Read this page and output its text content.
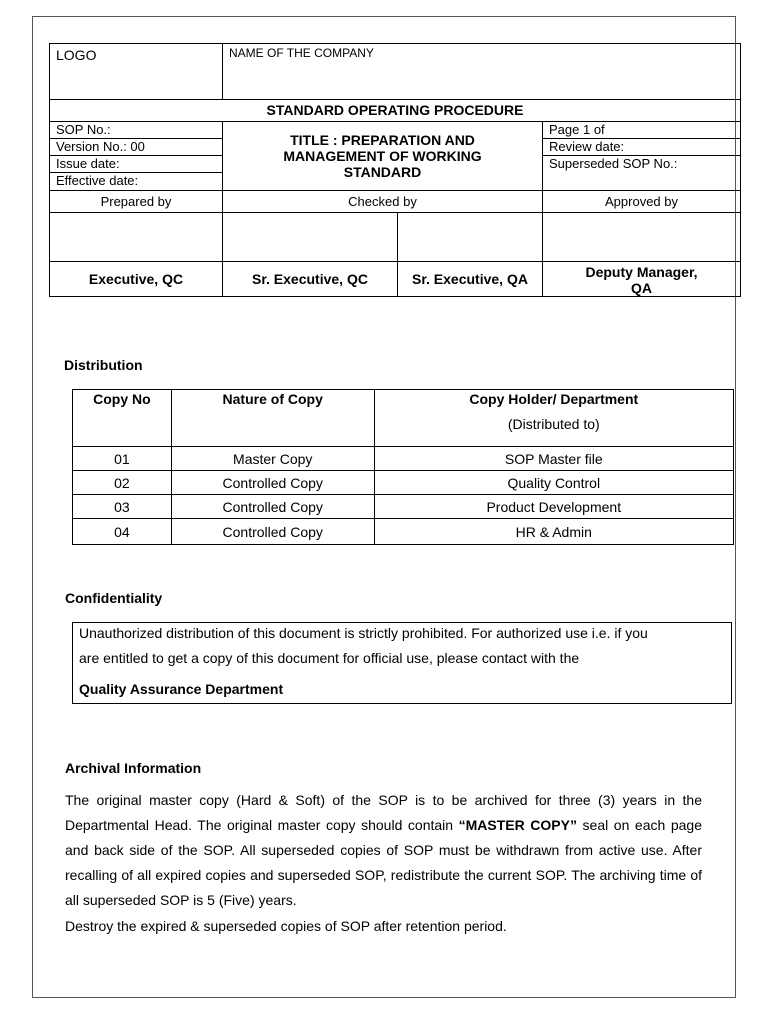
LOGO	NAME OF THE COMPANY
STANDARD OPERATING PROCEDURE
SOP No.:
Version No.: 00
Issue date:
Effective date:
TITLE : PREPARATION AND
MANAGEMENT OF WORKING
STANDARD
Page 1 of
Review date:
Superseded SOP No.:
Prepared by	Checked by	Approved by
Executive, QC	Sr. Executive, QC	Sr. Executive, QA	Deputy Manager,
QA
Distribution
Copy No	Nature of Copy	Copy Holder/ Department
(Distributed to)

01	Master Copy	SOP Master file
02	Controlled Copy	Quality Control
03	Controlled Copy	Product Development
04	Controlled Copy	HR & Admin
Confidentiality
Unauthorized distribution of this document is strictly prohibited. For authorized use i.e. if you
are entitled to get a copy of this document for official use, please contact with the
Quality Assurance Department
Archival Information
The original master copy (Hard & Soft) of the SOP is to be archived for three (3) years in the Departmental Head. The original master copy should contain “MASTER COPY” seal on each page and back side of the SOP. All superseded copies of SOP must be withdrawn from active use. After recalling of all expired copies and superseded SOP, redistribute the current SOP. The archiving time of all superseded SOP is 5 (Five) years.
Destroy the expired & superseded copies of SOP after retention period.
